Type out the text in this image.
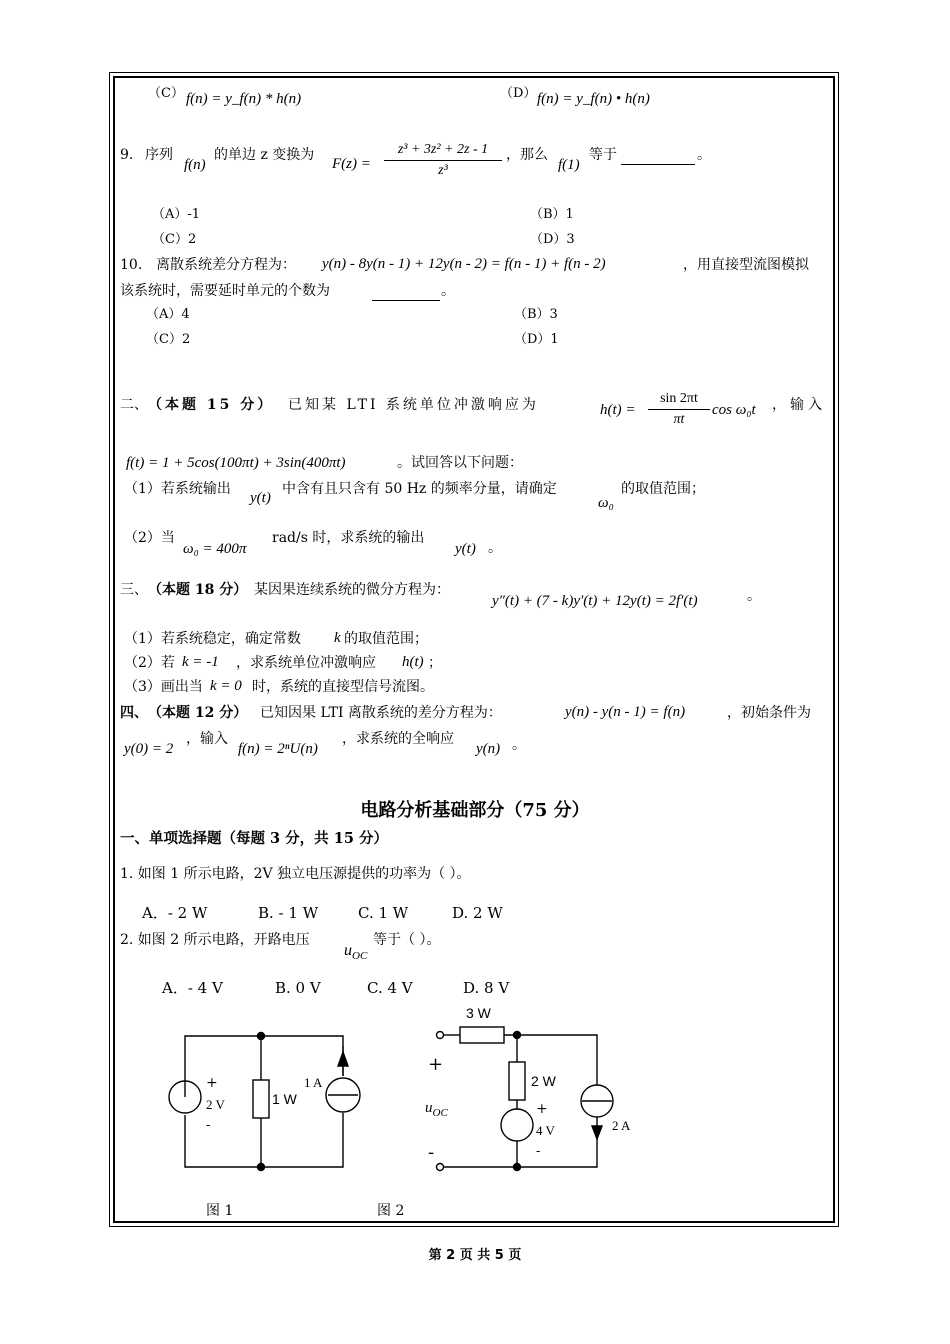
（C） f(n) = y_f(n) * h(n)	（D） f(n) = y_f(n) • h(n)
9. 序列
f(n)
的单边 z 变换为
F(z) =
z³ + 3z² + 2z - 1
z³
，那么
f(1)
等于
	。
（A）-1	（B）1
（C）2	（D）3
10. 离散系统差分方程为： y(n) - 8y(n - 1) + 12y(n - 2) = f(n - 1) + f(n - 2)	，用直接型流图模拟
该系统时，需要延时单元的个数为
	。
（A）4	（B）3
（C）2	（D）1
二、 （本题 15 分） 已知某 LTI 系统单位冲激响应为	h(t) =
sin 2πt
πt
cos ω₀t ，输入
f(t) = 1 + 5cos(100πt) + 3sin(400πt)	。试回答以下问题：
（1）若系统输出
y(t)
中含有且只含有 50 Hz 的频率分量，请确定
ω₀
的取值范围；
（2）当
ω₀ = 400π
rad/s 时，求系统的输出
y(t) 。
三、 （本题 18 分） 某因果连续系统的微分方程为：
y″(t) + (7 - k)y′(t) + 12y(t) = 2f′(t)	。
（1）若系统稳定，确定常数 k 的取值范围；
（2）若 k = -1 ，求系统单位冲激响应 h(t) ；
（3）画出当 k = 0 时，系统的直接型信号流图。
四、 （本题 12 分） 已知因果 LTI 离散系统的差分方程为：	y(n) - y(n - 1) = f(n)	，初始条件为
y(0) = 2
，输入
f(n) = 2ⁿU(n)
，求系统的全响应
y(n) 。
电路分析基础部分（75 分）
一、单项选择题（每题 3 分，共 15 分）
1. 如图 1 所示电路，2V 独立电压源提供的功率为（ ）。
A．- 2 W	B. - 1 W	C. 1 W	D. 2 W
2. 如图 2 所示电路，开路电压
$u_{OC}$
等于（ ）。
A．- 4 V	B. 0 V	C. 4 V	D. 8 V
+
2 V
-
1 W
1 A
图 1
3 W
2 W
+
$u_{OC}$
-
+
4 V
-
2 A
图 2
第 2 页 共 5 页
